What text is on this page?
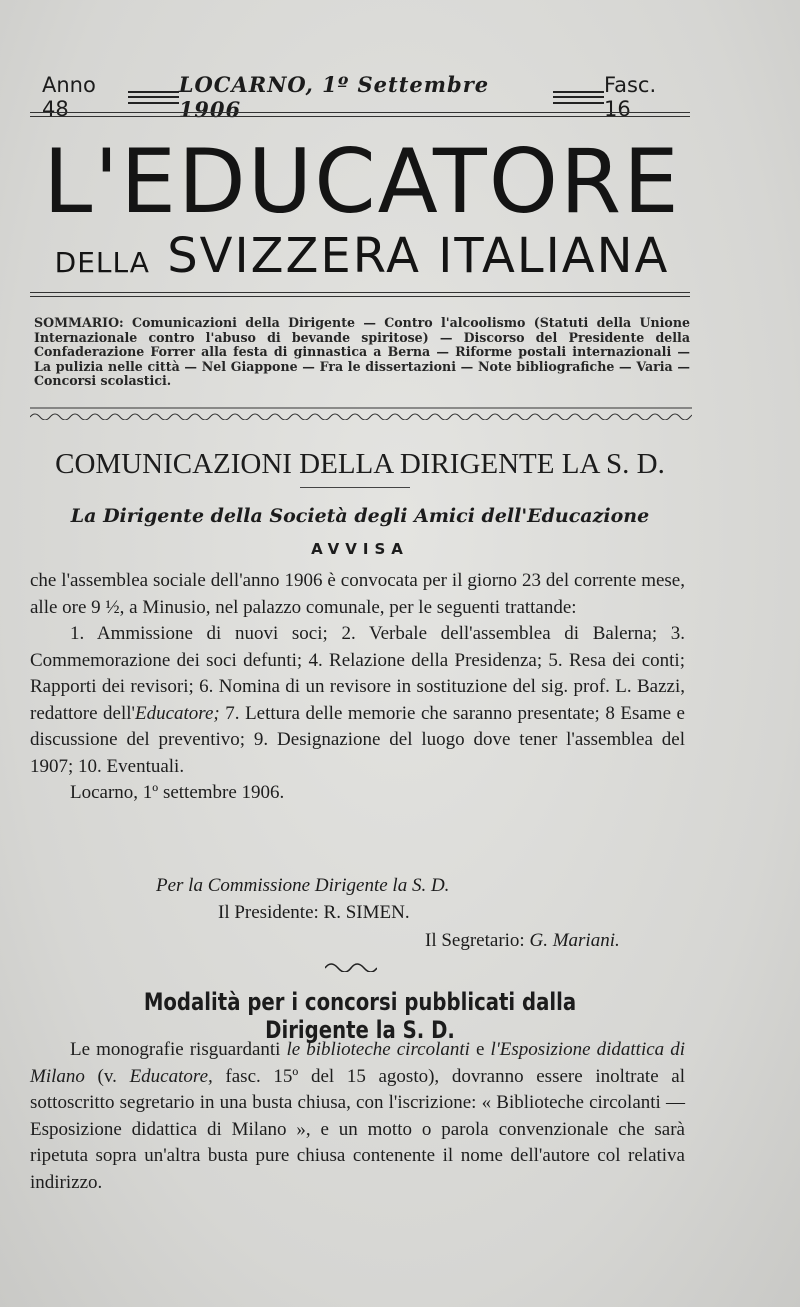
Anno 48
LOCARNO, 1º Settembre 1906
Fasc. 16
L'EDUCATORE
DELLA SVIZZERA ITALIANA
SOMMARIO: Comunicazioni della Dirigente — Contro l'alcoolismo (Statuti della Unione Internazionale contro l'abuso di bevande spiritose) — Discorso del Presidente della Confaderazione Forrer alla festa di ginnastica a Berna — Riforme postali internazionali — La pulizia nelle città — Nel Giappone — Fra le dissertazioni — Note bibliografiche — Varia — Concorsi scolastici.
COMUNICAZIONI DELLA DIRIGENTE LA S. D.
La Dirigente della Società degli Amici dell'Educazione
AVVISA

che l'assemblea sociale dell'anno 1906 è convocata per il giorno 23 del corrente mese, alle ore 9 ½, a Minusio, nel palazzo comunale, per le seguenti trattande:

1. Ammissione di nuovi soci; 2. Verbale dell'assemblea di Balerna; 3. Commemorazione dei soci defunti; 4. Relazione della Presidenza; 5. Resa dei conti; Rapporti dei revisori; 6. Nomina di un revisore in sostituzione del sig. prof. L. Bazzi, redattore dell'Educatore; 7. Lettura delle memorie che saranno presentate; 8 Esame e discussione del preventivo; 9. Designazione del luogo dove tener l'assemblea del 1907; 10. Eventuali.

Locarno, 1º settembre 1906.

Per la Commissione Dirigente la S. D.
Il Presidente: R. SIMEN.
Il Segretario: G. Mariani.
Modalità per i concorsi pubblicati dalla Dirigente la S. D.

Le monografie risguardanti le biblioteche circolanti e l'Esposizione didattica di Milano (v. Educatore, fasc. 15º del 15 agosto), dovranno essere inoltrate al sottoscritto segretario in una busta chiusa, con l'iscrizione: « Biblioteche circolanti — Esposizione didattica di Milano », e un motto o parola convenzionale che sarà ripetuta sopra un'altra busta pure chiusa contenente il nome dell'autore col relativa indirizzo.
